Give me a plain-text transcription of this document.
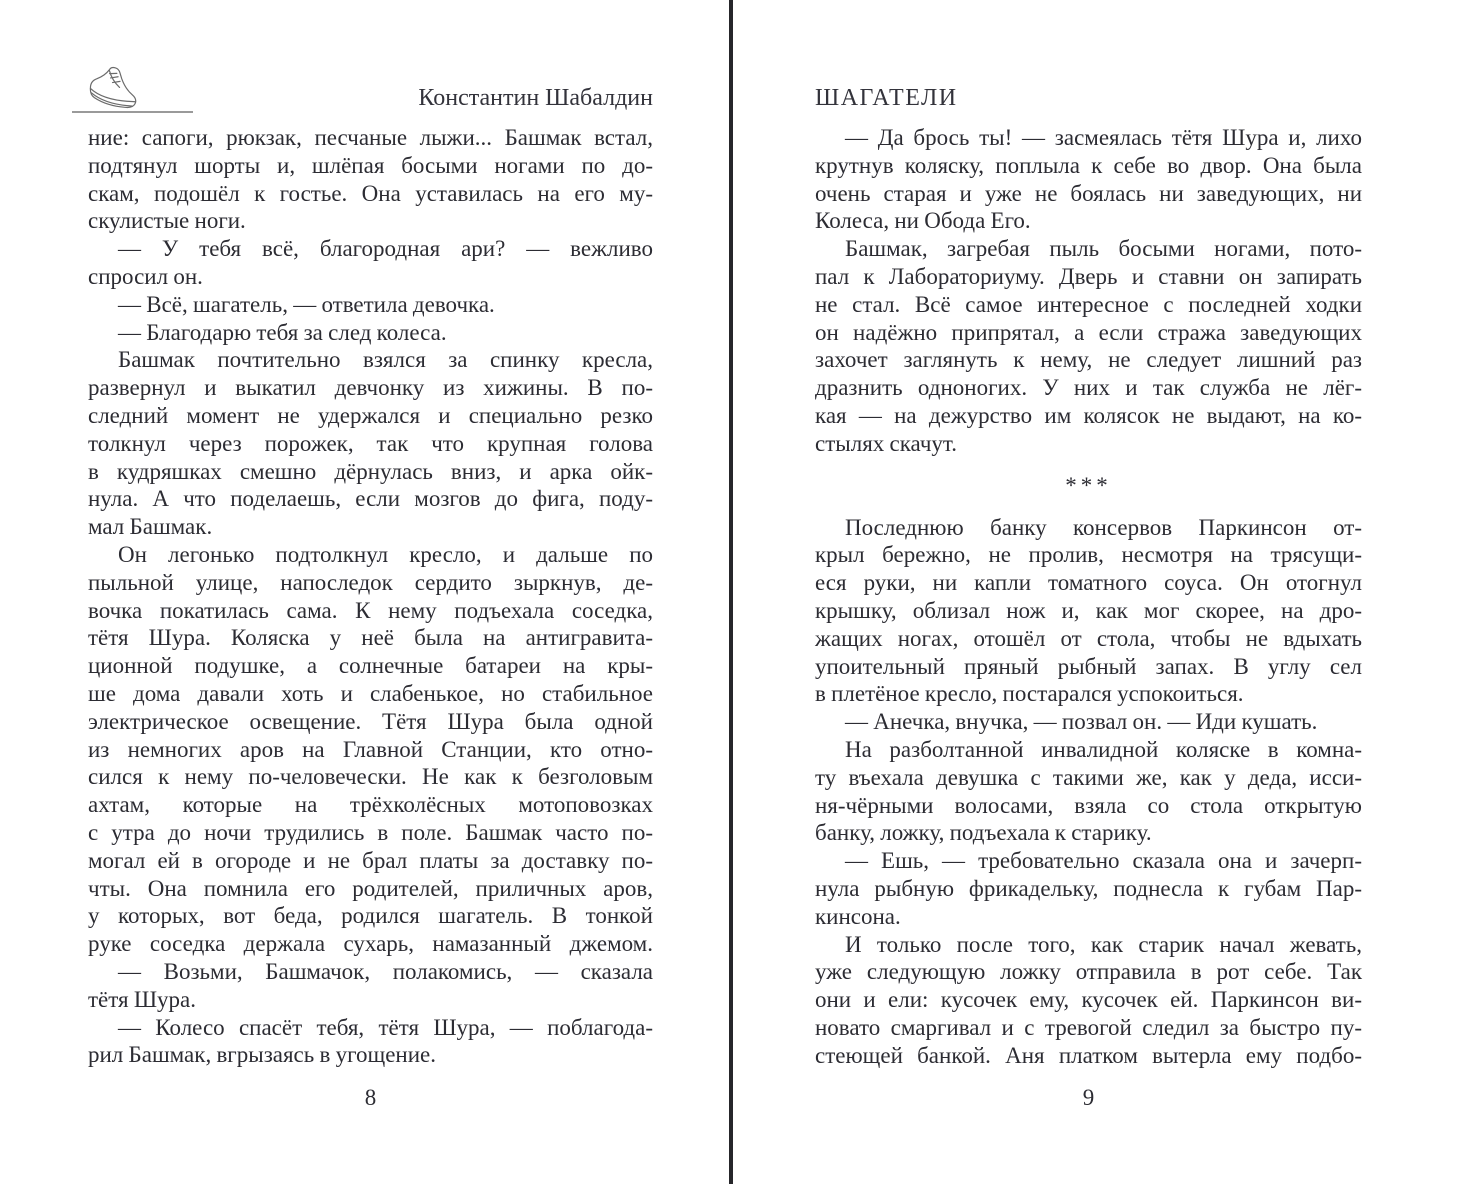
Константин Шабалдин
ние: сапоги, рюкзак, песчаные лыжи... Башмак встал,
подтянул шорты и, шлёпая босыми ногами по до-
скам, подошёл к гостье. Она уставилась на его му-
скулистые ноги.
— У тебя всё, благородная ари? — вежливо
спросил он.
— Всё, шагатель, — ответила девочка.
— Благодарю тебя за след колеса.
Башмак почтительно взялся за спинку кресла,
развернул и выкатил девчонку из хижины. В по-
следний момент не удержался и специально резко
толкнул через порожек, так что крупная голова
в кудряшках смешно дёрнулась вниз, и арка ойк-
нула. А что поделаешь, если мозгов до фига, поду-
мал Башмак.
Он легонько подтолкнул кресло, и дальше по
пыльной улице, напоследок сердито зыркнув, де-
вочка покатилась сама. К нему подъехала соседка,
тётя Шура. Коляска у неё была на антигравита-
ционной подушке, а солнечные батареи на кры-
ше дома давали хоть и слабенькое, но стабильное
электрическое освещение. Тётя Шура была одной
из немногих аров на Главной Станции, кто отно-
сился к нему по-человечески. Не как к безголовым
ахтам, которые на трёхколёсных мотоповозках
с утра до ночи трудились в поле. Башмак часто по-
могал ей в огороде и не брал платы за доставку по-
чты. Она помнила его родителей, приличных аров,
у которых, вот беда, родился шагатель. В тонкой
руке соседка держала сухарь, намазанный джемом.
— Возьми, Башмачок, полакомись, — сказала
тётя Шура.
— Колесо спасёт тебя, тётя Шура, — поблагода-
рил Башмак, вгрызаясь в угощение.
8
ШАГАТЕЛИ
— Да брось ты! — засмеялась тётя Шура и, лихо
крутнув коляску, поплыла к себе во двор. Она была
очень старая и уже не боялась ни заведующих, ни
Колеса, ни Обода Его.
Башмак, загребая пыль босыми ногами, пото-
пал к Лабораториуму. Дверь и ставни он запирать
не стал. Всё самое интересное с последней ходки
он надёжно припрятал, а если стража заведующих
захочет заглянуть к нему, не следует лишний раз
дразнить одноногих. У них и так служба не лёг-
кая — на дежурство им колясок не выдают, на ко-
стылях скачут.
***
Последнюю банку консервов Паркинсон от-
крыл бережно, не пролив, несмотря на трясущи-
еся руки, ни капли томатного соуса. Он отогнул
крышку, облизал нож и, как мог скорее, на дро-
жащих ногах, отошёл от стола, чтобы не вдыхать
упоительный пряный рыбный запах. В углу сел
в плетёное кресло, постарался успокоиться.
— Анечка, внучка, — позвал он. — Иди кушать.
На разболтанной инвалидной коляске в комна-
ту въехала девушка с такими же, как у деда, исси-
ня-чёрными волосами, взяла со стола открытую
банку, ложку, подъехала к старику.
— Ешь, — требовательно сказала она и зачерп-
нула рыбную фрикадельку, поднесла к губам Пар-
кинсона.
И только после того, как старик начал жевать,
уже следующую ложку отправила в рот себе. Так
они и ели: кусочек ему, кусочек ей. Паркинсон ви-
новато смаргивал и с тревогой следил за быстро пу-
стеющей банкой. Аня платком вытерла ему подбо-
9
